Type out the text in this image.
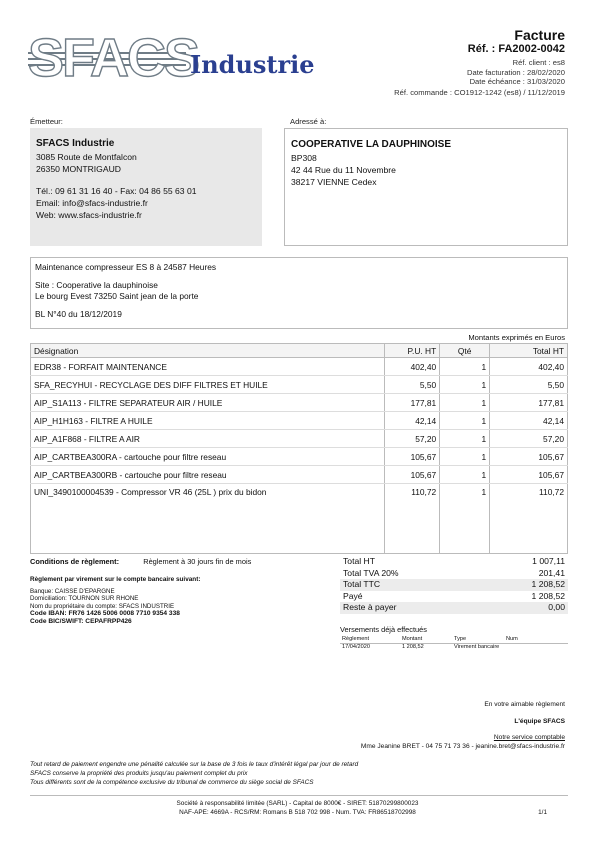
SFACS
Industrie
Facture
Réf. : FA2002-0042
Réf. client : es8
Date facturation : 28/02/2020
Date échéance : 31/03/2020
Réf. commande : CO1912-1242 (es8) / 11/12/2019
Émetteur:	Adressé à:
SFACS Industrie
3085 Route de Montfalcon
26350 MONTRIGAUD
Tél.: 09 61 31 16 40 - Fax: 04 86 55 63 01
Email: info@sfacs-industrie.fr
Web: www.sfacs-industrie.fr
COOPERATIVE LA DAUPHINOISE
BP308
42 44 Rue du 11 Novembre
38217 VIENNE Cedex
Maintenance compresseur ES 8 à 24587 Heures
Site : Cooperative la dauphinoise
Le bourg Evest 73250 Saint jean de la porte
BL N°40 du 18/12/2019
Montants exprimés en Euros
Désignation	P.U. HT	Qté	Total HT
EDR38 - FORFAIT MAINTENANCE	402,40	1	402,40
SFA_RECYHUI - RECYCLAGE DES DIFF FILTRES ET HUILE	5,50	1	5,50
AIP_S1A113 - FILTRE SEPARATEUR AIR / HUILE	177,81	1	177,81
AIP_H1H163 - FILTRE A HUILE	42,14	1	42,14
AIP_A1F868 - FILTRE A AIR	57,20	1	57,20
AIP_CARTBEA300RA - cartouche pour filtre reseau	105,67	1	105,67
AIP_CARTBEA300RB - cartouche pour filtre reseau	105,67	1	105,67
UNI_3490100004539 - Compressor VR 46 (25L ) prix du bidon	110,72	1	110,72
Conditions de règlement:	Règlement à 30 jours fin de mois
Règlement par virement sur le compte bancaire suivant:
Banque: CAISSE D'EPARGNE
Domiciliation: TOURNON SUR RHONE
Nom du propriétaire du compte: SFACS INDUSTRIE
Code IBAN: FR76 1426 5006 0008 7710 9354 338
Code BIC/SWIFT: CEPAFRPP426
Total HT	1 007,11
Total TVA 20%	201,41
Total TTC	1 208,52
Payé	1 208,52
Reste à payer	0,00
Versements déjà effectués
Règlement	Montant	Type	Num
17/04/2020	1 208,52	Virement bancaire	
En votre aimable règlement
L'équipe SFACS
Notre service comptable
Mme Jeanine BRET - 04 75 71 73 36 - jeanine.bret@sfacs-industrie.fr
Tout retard de paiement engendre une pénalité calculée sur la base de 3 fois le taux d'intérêt légal par jour de retard
SFACS conserve la propriété des produits jusqu'au paiement complet du prix
Tous différents sont de la compétence exclusive du tribunal de commerce du siège social de SFACS
Société à responsabilité limitée (SARL) - Capital de 8000€ - SIRET: 51870299800023
NAF-APE: 4669A - RCS/RM: Romans B 518 702 998 - Num. TVA: FR86518702998	1/1
